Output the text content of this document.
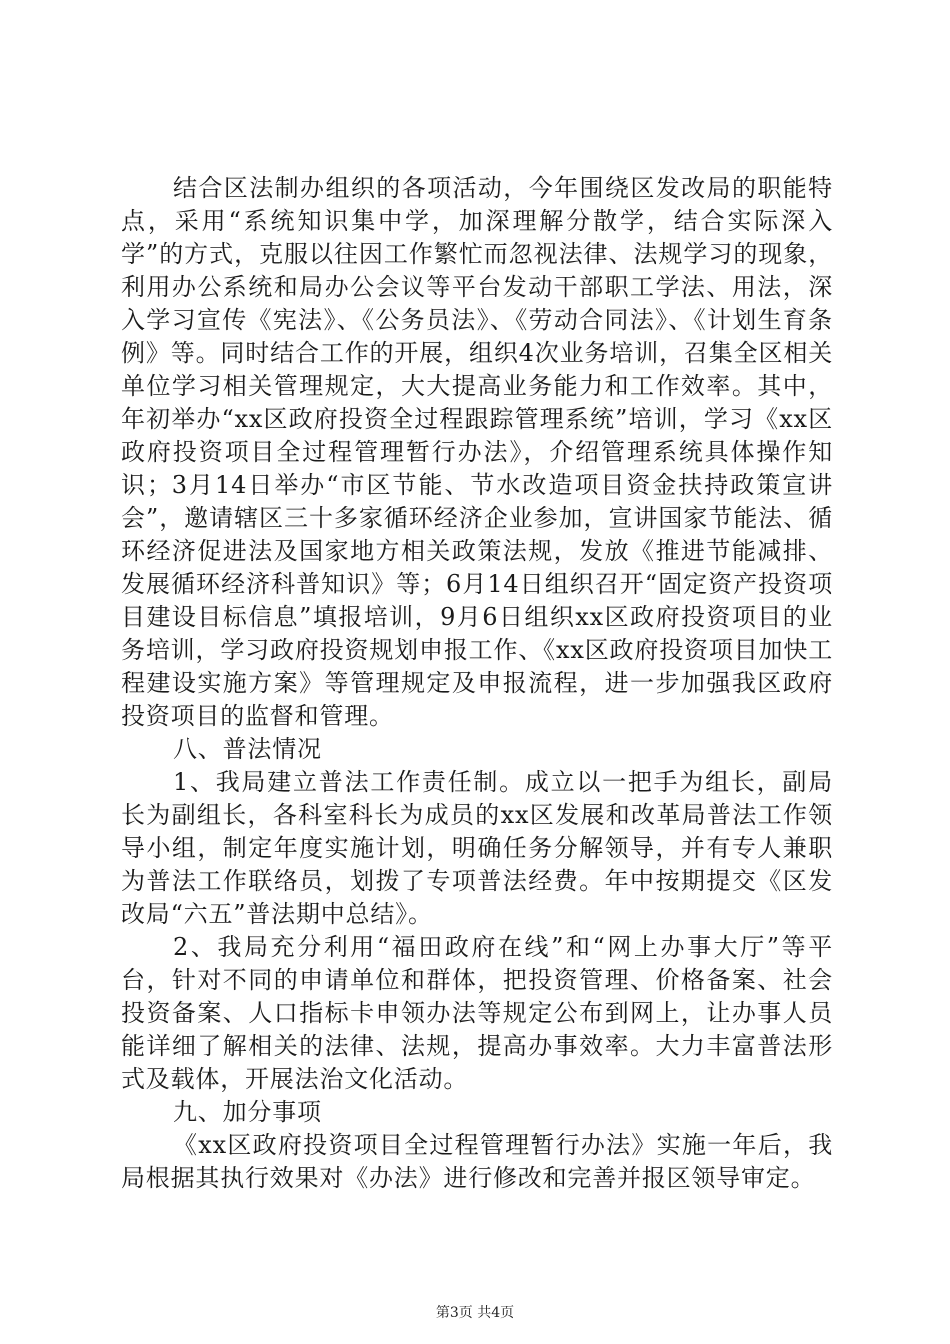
结合区法制办组织的各项活动，今年围绕区发改局的职能特点，采用“系统知识集中学，加深理解分散学，结合实际深入学”的方式，克服以往因工作繁忙而忽视法律、法规学习的现象，利用办公系统和局办公会议等平台发动干部职工学法、用法，深入学习宣传《宪法》、《公务员法》、《劳动合同法》、《计划生育条例》等。同时结合工作的开展，组织4次业务培训，召集全区相关单位学习相关管理规定，大大提高业务能力和工作效率。其中，年初举办“xx区政府投资全过程跟踪管理系统”培训，学习《xx区政府投资项目全过程管理暂行办法》，介绍管理系统具体操作知识；3月14日举办“市区节能、节水改造项目资金扶持政策宣讲会”，邀请辖区三十多家循环经济企业参加，宣讲国家节能法、循环经济促进法及国家地方相关政策法规，发放《推进节能减排、发展循环经济科普知识》等；6月14日组织召开“固定资产投资项目建设目标信息”填报培训，9月6日组织xx区政府投资项目的业务培训，学习政府投资规划申报工作、《xx区政府投资项目加快工程建设实施方案》等管理规定及申报流程，进一步加强我区政府投资项目的监督和管理。

八、普法情况

1、我局建立普法工作责任制。成立以一把手为组长，副局长为副组长，各科室科长为成员的xx区发展和改革局普法工作领导小组，制定年度实施计划，明确任务分解领导，并有专人兼职为普法工作联络员，划拨了专项普法经费。年中按期提交《区发改局“六五”普法期中总结》。

2、我局充分利用“福田政府在线”和“网上办事大厅”等平台，针对不同的申请单位和群体，把投资管理、价格备案、社会投资备案、人口指标卡申领办法等规定公布到网上，让办事人员能详细了解相关的法律、法规，提高办事效率。大力丰富普法形式及载体，开展法治文化活动。

九、加分事项

《xx区政府投资项目全过程管理暂行办法》实施一年后，我局根据其执行效果对《办法》进行修改和完善并报区领导审定。

第3页 共4页
